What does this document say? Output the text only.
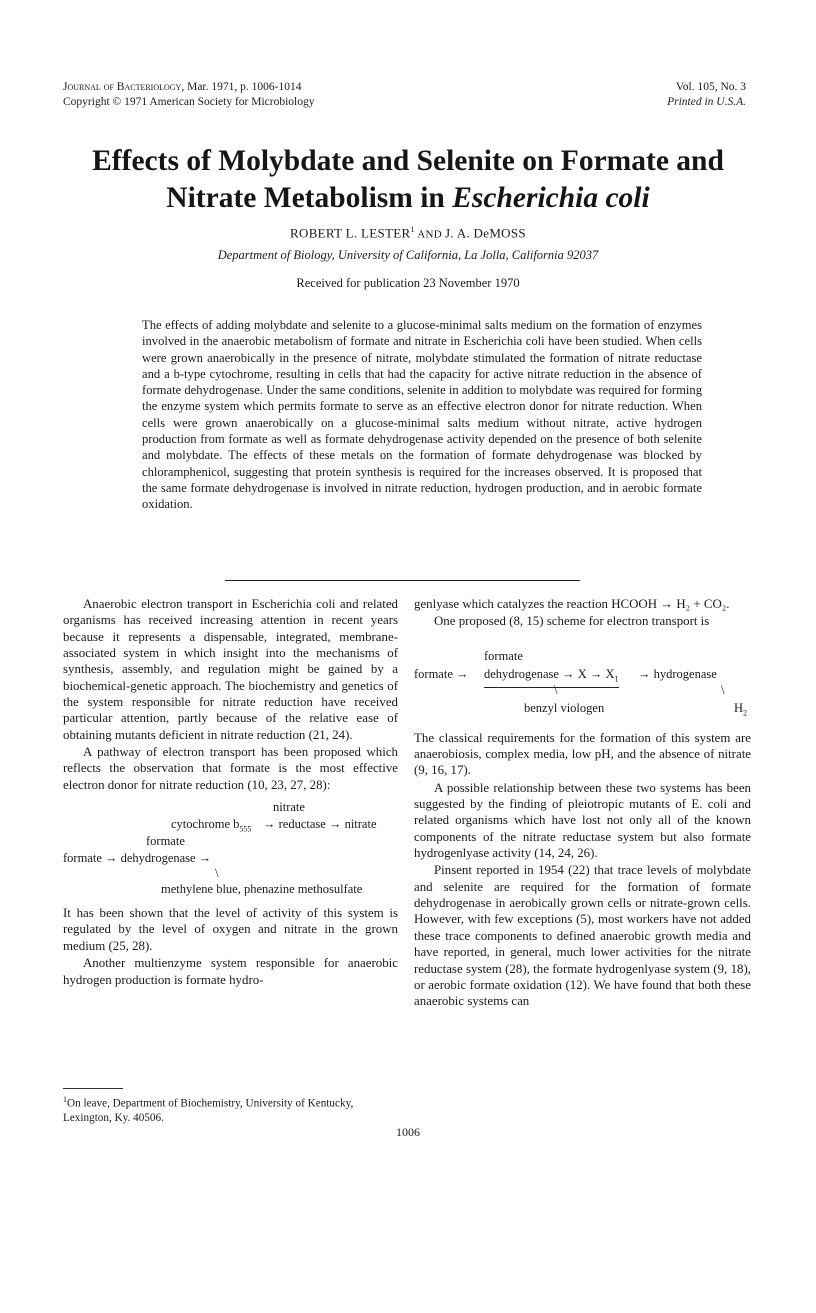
Journal of Bacteriology, Mar. 1971, p. 1006-1014
Copyright © 1971 American Society for Microbiology
Vol. 105, No. 3
Printed in U.S.A.
Effects of Molybdate and Selenite on Formate and
Nitrate Metabolism in Escherichia coli
ROBERT L. LESTER$^1$ AND J. A. DeMOSS
Department of Biology, University of California, La Jolla, California 92037
Received for publication 23 November 1970
The effects of adding molybdate and selenite to a glucose-minimal salts medium on the formation of enzymes involved in the anaerobic metabolism of formate and nitrate in Escherichia coli have been studied. When cells were grown anaerobically in the presence of nitrate, molybdate stimulated the formation of nitrate reductase and a b-type cytochrome, resulting in cells that had the capacity for active nitrate reduction in the absence of formate dehydrogenase. Under the same conditions, selenite in addition to molybdate was required for forming the enzyme system which permits formate to serve as an effective electron donor for nitrate reduction. When cells were grown anaerobically on a glucose-minimal salts medium without nitrate, active hydrogen production from formate as well as formate dehydrogenase activity depended on the presence of both selenite and molybdate. The effects of these metals on the formation of formate dehydrogenase was blocked by chloramphenicol, suggesting that protein synthesis is required for the increases observed. It is proposed that the same formate dehydrogenase is involved in nitrate reduction, hydrogen production, and in aerobic formate oxidation.

Anaerobic electron transport in Escherichia coli and related organisms has received increasing attention in recent years because it represents a dispensable, integrated, membrane-associated system in which insight into the mechanisms of synthesis, assembly, and regulation might be gained by a biochemical-genetic approach. The biochemistry and genetics of the system responsible for nitrate reduction have received particular attention, partly because of the relative ease of obtaining mutants deficient in nitrate reduction (21, 24).

A pathway of electron transport has been proposed which reflects the observation that formate is the most effective electron donor for nitrate reduction (10, 23, 27, 28):

nitrate
cytochrome $b_{555}$ → reductase → nitrate
formate
formate → dehydrogenase →
\
methylene blue, phenazine methosulfate

It has been shown that the level of activity of this system is regulated by the level of oxygen and nitrate in the grown medium (25, 28).

Another multienzyme system responsible for anaerobic hydrogen production is formate hydro-

$^1$On leave, Department of Biochemistry, University of Kentucky, Lexington, Ky. 40506.

genlyase which catalyzes the reaction HCOOH → H₂ + CO₂.

One proposed (8, 15) scheme for electron transport is

formate
formate → dehydrogenase → $X \to X_1$ → hydrogenase
\	\
benzyl viologen	$H_2$

The classical requirements for the formation of this system are anaerobiosis, complex media, low pH, and the absence of nitrate (9, 16, 17).

A possible relationship between these two systems has been suggested by the finding of pleiotropic mutants of E. coli and related organisms which have lost not only all of the known components of the nitrate reductase system but also formate hydrogenlyase activity (14, 24, 26).

Pinsent reported in 1954 (22) that trace levels of molybdate and selenite are required for the formation of formate dehydrogenase in aerobically grown cells or nitrate-grown cells. However, with few exceptions (5), most workers have not added these trace components to defined anaerobic growth media and have reported, in general, much lower activities for the nitrate reductase system (28), the formate hydrogenlyase system (9, 18), or aerobic formate oxidation (12). We have found that both these anaerobic systems can

1006
